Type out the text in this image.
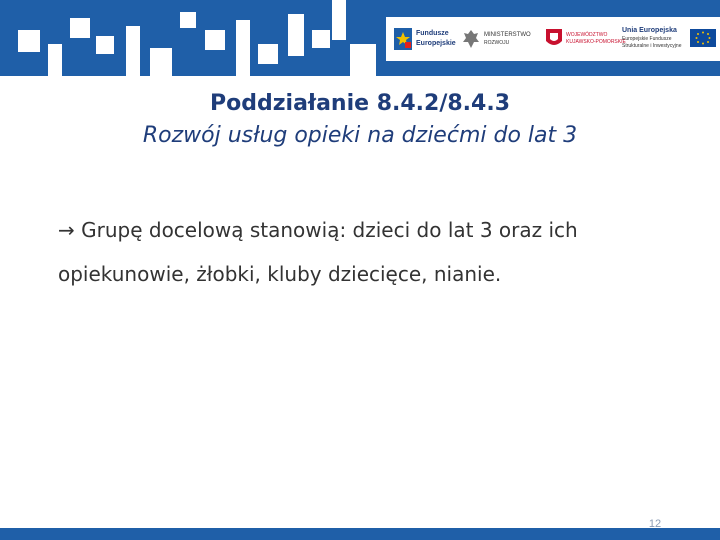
Fundusze
Europejskie
MINISTERSTWO
ROZWOJU
WOJEWÓDZTWO
KUJAWSKO-POMORSKIE
Unia Europejska
Europejskie Fundusze
Strukturalne i Inwestycyjne
Poddziałanie 8.4.2/8.4.3
Rozwój usług opieki na dziećmi do lat 3
→ Grupę docelową stanowią: dzieci do lat 3 oraz ich
opiekunowie, żłobki, kluby dziecięce, nianie.
12
